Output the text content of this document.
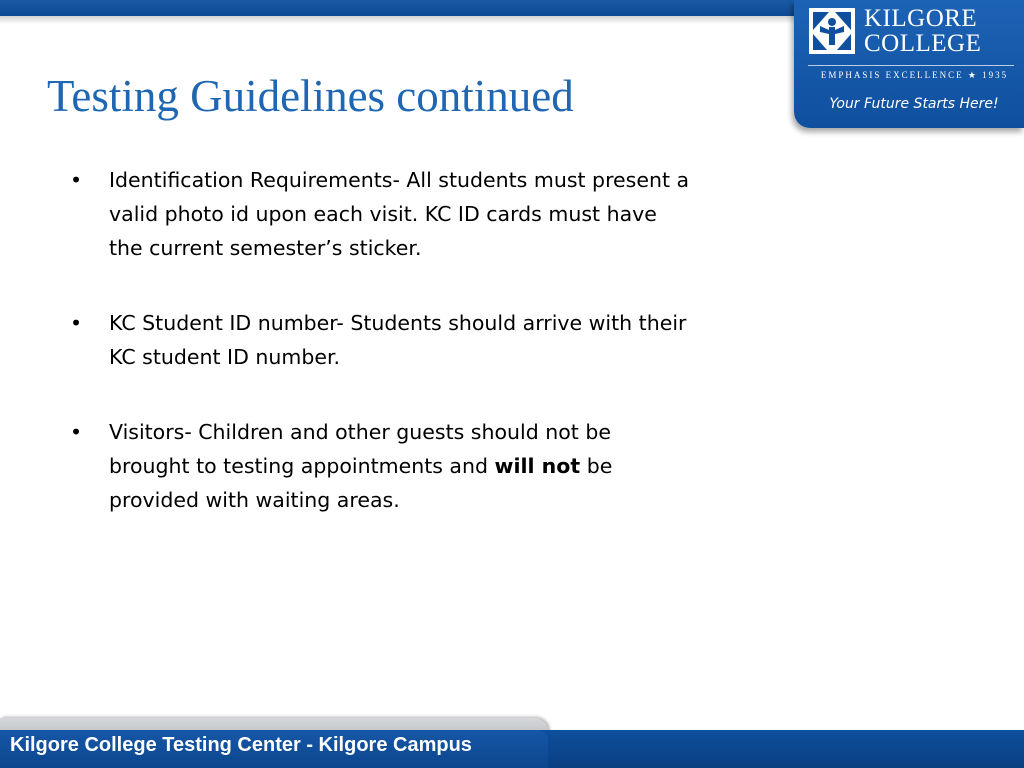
KILGORE
COLLEGE
EMPHASIS EXCELLENCE ★ 1935
Your Future Starts Here!
Testing Guidelines continued
• Identification Requirements- All students must present a valid photo id upon each visit. KC ID cards must have the current semester’s sticker.
• KC Student ID number- Students should arrive with their KC student ID number.
• Visitors- Children and other guests should not be brought to testing appointments and will not be provided with waiting areas.
Kilgore College Testing Center - Kilgore Campus
